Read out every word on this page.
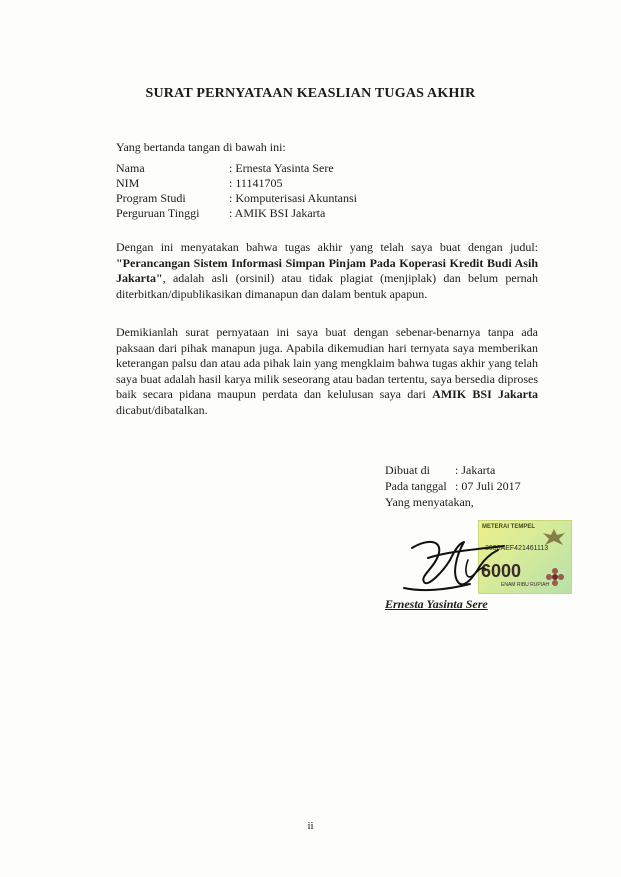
SURAT PERNYATAAN KEASLIAN TUGAS AKHIR
Yang bertanda tangan di bawah ini:
Nama	: Ernesta Yasinta Sere
NIM	: 11141705
Program Studi	: Komputerisasi Akuntansi
Perguruan Tinggi : AMIK BSI Jakarta
Dengan ini menyatakan bahwa tugas akhir yang telah saya buat dengan judul: "Perancangan Sistem Informasi Simpan Pinjam Pada Koperasi Kredit Budi Asih Jakarta", adalah asli (orsinil) atau tidak plagiat (menjiplak) dan belum pernah diterbitkan/dipublikasikan dimanapun dan dalam bentuk apapun.
Demikianlah surat pernyataan ini saya buat dengan sebenar-benarnya tanpa ada paksaan dari pihak manapun juga. Apabila dikemudian hari ternyata saya memberikan keterangan palsu dan atau ada pihak lain yang mengklaim bahwa tugas akhir yang telah saya buat adalah hasil karya milik seseorang atau badan tertentu, saya bersedia diproses baik secara pidana maupun perdata dan kelulusan saya dari AMIK BSI Jakarta dicabut/dibatalkan.
Dibuat di : Jakarta
Pada tanggal : 07 Juli 2017
Yang menyatakan,
METERAI TEMPEL
3000AEF421461113
6000
ENAM RIBU RUPIAH
Ernesta Yasinta Sere
ii
